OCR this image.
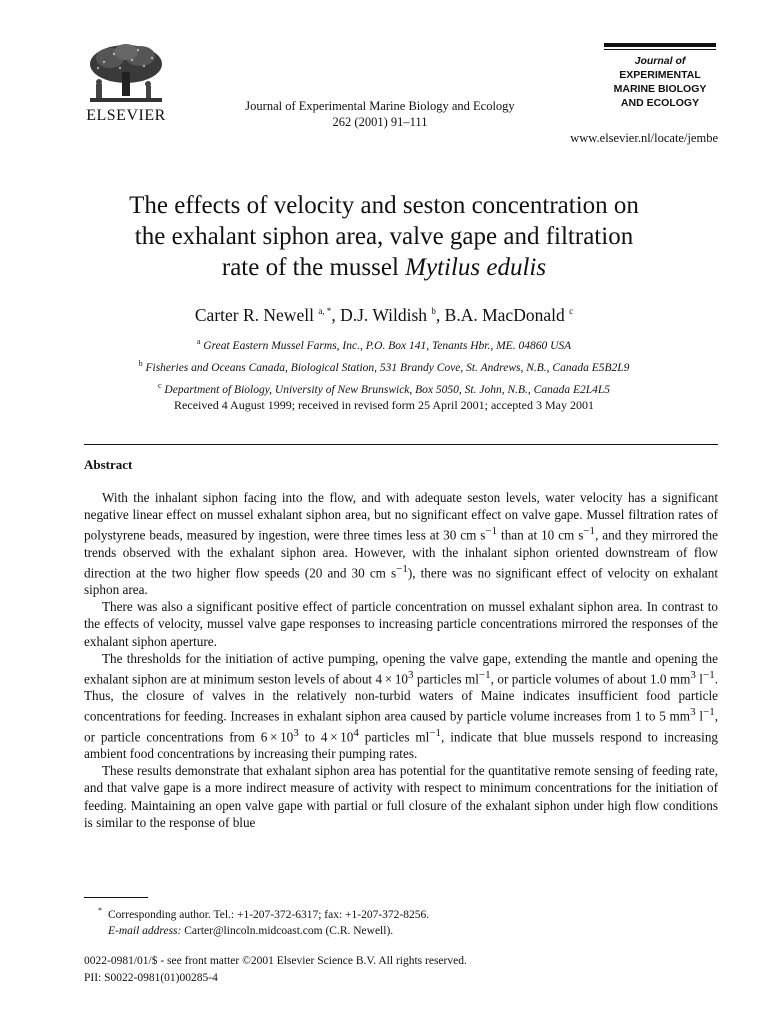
ELSEVIER
Journal of Experimental Marine Biology and Ecology
262 (2001) 91–111
Journal of
EXPERIMENTAL
MARINE BIOLOGY
AND ECOLOGY
www.elsevier.nl/locate/jembe
The effects of velocity and seston concentration on
the exhalant siphon area, valve gape and filtration
rate of the mussel Mytilus edulis
Carter R. Newell $^{a, *}$, D.J. Wildish $^b$, B.A. MacDonald $^c$
$^a$ Great Eastern Mussel Farms, Inc., P.O. Box 141, Tenants Hbr., ME. 04860 USA
$^b$ Fisheries and Oceans Canada, Biological Station, 531 Brandy Cove, St. Andrews, N.B., Canada E5B2L9
$^c$ Department of Biology, University of New Brunswick, Box 5050, St. John, N.B., Canada E2L4L5
Received 4 August 1999; received in revised form 25 April 2001; accepted 3 May 2001
Abstract

With the inhalant siphon facing into the flow, and with adequate seston levels, water velocity has a significant negative linear effect on mussel exhalant siphon area, but no significant effect on valve gape. Mussel filtration rates of polystyrene beads, measured by ingestion, were three times less at 30 cm $s^{-1}$ than at 10 cm $s^{-1}$, and they mirrored the trends observed with the exhalant siphon area. However, with the inhalant siphon oriented downstream of flow direction at the two higher flow speeds (20 and 30 cm $s^{-1}$), there was no significant effect of velocity on exhalant siphon area.

There was also a significant positive effect of particle concentration on mussel exhalant siphon area. In contrast to the effects of velocity, mussel valve gape responses to increasing particle concentrations mirrored the responses of the exhalant siphon aperture.

The thresholds for the initiation of active pumping, opening the valve gape, extending the mantle and opening the exhalant siphon are at minimum seston levels of about $4 \times 10^3$ particles $ml^{-1}$, or particle volumes of about 1.0 $mm^3$ $l^{-1}$. Thus, the closure of valves in the relatively non-turbid waters of Maine indicates insufficient food particle concentrations for feeding. Increases in exhalant siphon area caused by particle volume increases from 1 to 5 $mm^3$ $l^{-1}$, or particle concentrations from $6 \times 10^3$ to $4 \times 10^4$ particles $ml^{-1}$, indicate that blue mussels respond to increasing ambient food concentrations by increasing their pumping rates.

These results demonstrate that exhalant siphon area has potential for the quantitative remote sensing of feeding rate, and that valve gape is a more indirect measure of activity with respect to minimum concentrations for the initiation of feeding. Maintaining an open valve gape with partial or full closure of the exhalant siphon under high flow conditions is similar to the response of blue

* Corresponding author. Tel.: +1-207-372-6317; fax: +1-207-372-8256.
E-mail address: Carter@lincoln.midcoast.com (C.R. Newell).
0022-0981/01/$ - see front matter ©2001 Elsevier Science B.V. All rights reserved.
PII: S0022-0981(01)00285-4
